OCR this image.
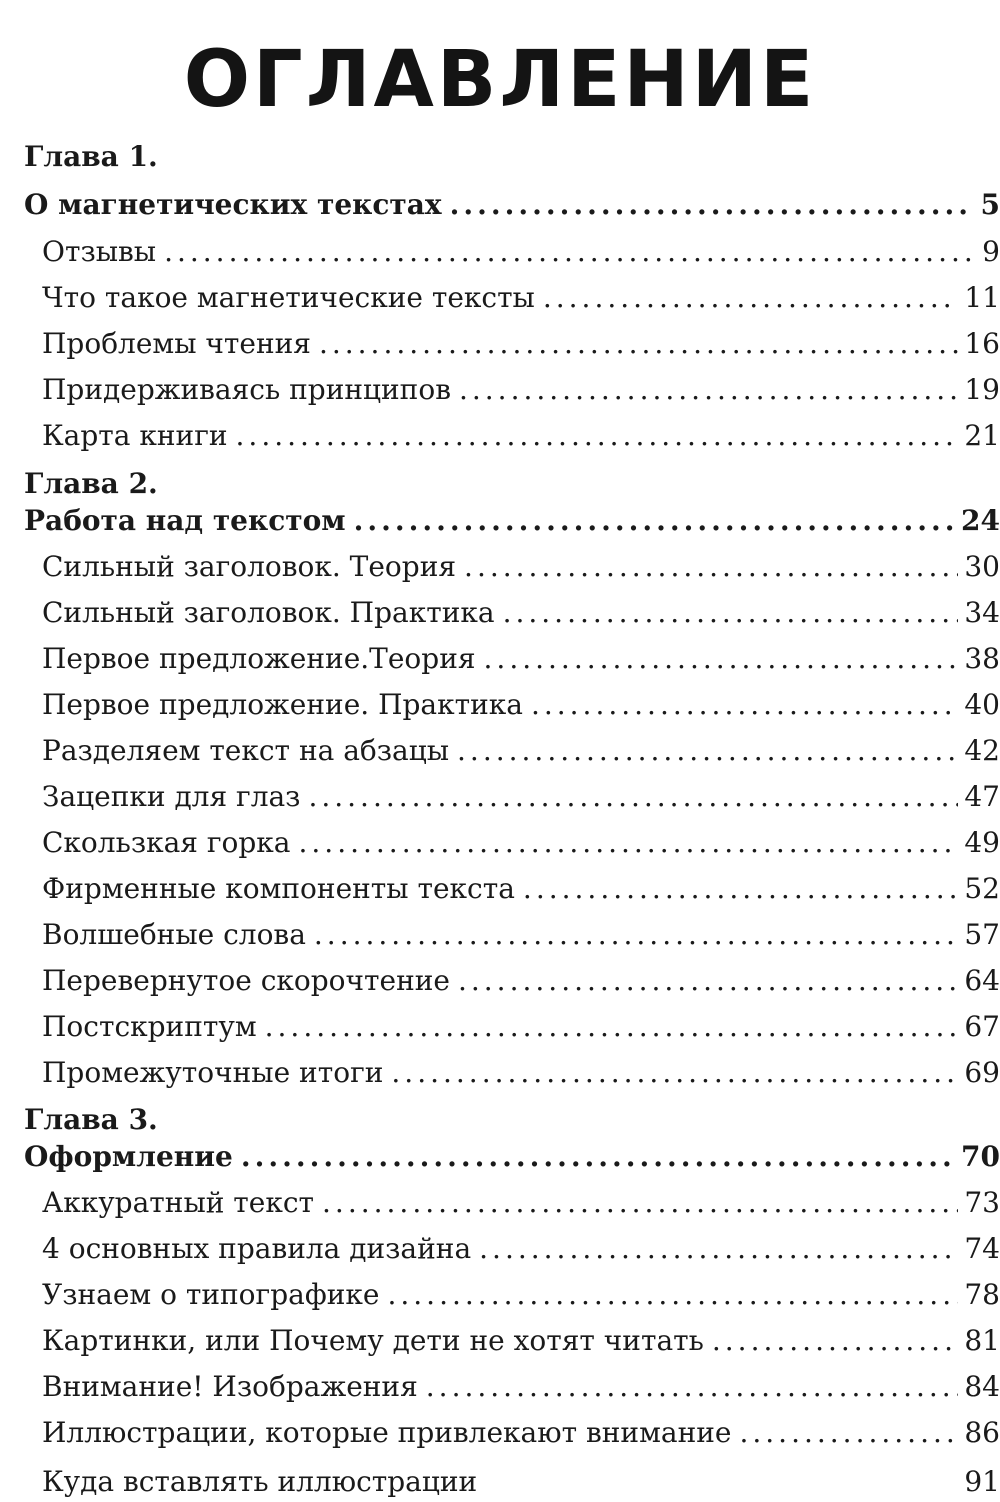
ОГЛАВЛЕНИЕ
Глава 1.
О магнетических текстах .....	5
Отзывы .....	9
Что такое магнетические тексты .....	11
Проблемы чтения .....	16
Придерживаясь принципов .....	19
Карта книги .....	21
Глава 2.
Работа над текстом .....	24
Сильный заголовок. Теория .....	30
Сильный заголовок. Практика .....	34
Первое предложение.Теория .....	38
Первое предложение. Практика .....	40
Разделяем текст на абзацы .....	42
Зацепки для глаз .....	47
Скользкая горка .....	49
Фирменные компоненты текста .....	52
Волшебные слова .....	57
Перевернутое скорочтение .....	64
Постскриптум .....	67
Промежуточные итоги .....	69
Глава 3.
Оформление .....	70
Аккуратный текст .....	73
4 основных правила дизайна .....	74
Узнаем о типографике .....	78
Картинки, или Почему дети не хотят читать .....	81
Внимание! Изображения .....	84
Иллюстрации, которые привлекают внимание .....	86
Куда вставлять иллюстрации	91
